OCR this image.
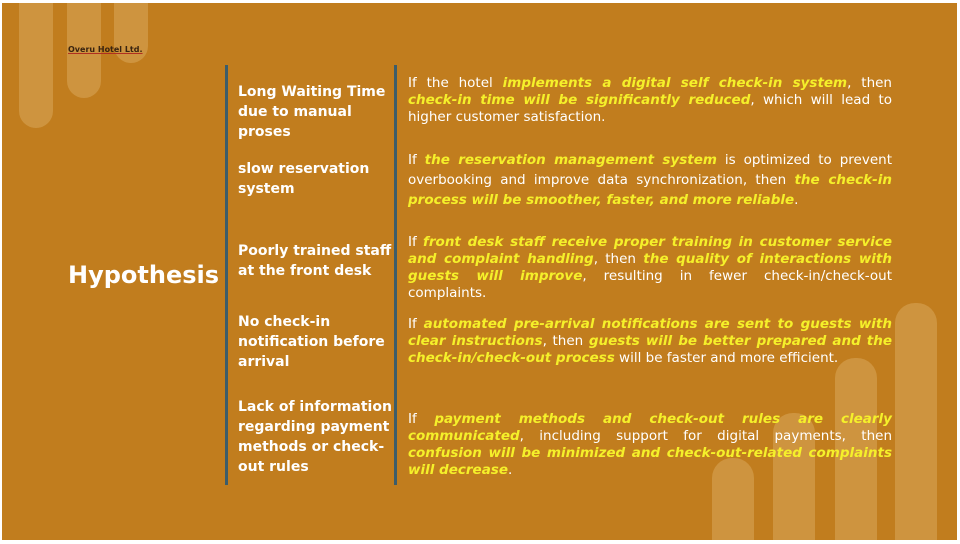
Overu Hotel Ltd.
Hypothesis
Long Waiting Time due to manual proses
If the hotel implements a digital self check-in system, then check-in time will be significantly reduced, which will lead to higher customer satisfaction.
slow reservation system
If the reservation management system is optimized to prevent overbooking and improve data synchronization, then the check-in process will be smoother, faster, and more reliable.
Poorly trained staff at the front desk
If front desk staff receive proper training in customer service and complaint handling, then the quality of interactions with guests will improve, resulting in fewer check-in/check-out complaints.
No check-in notification before arrival
If automated pre-arrival notifications are sent to guests with clear instructions, then guests will be better prepared and the check-in/check-out process will be faster and more efficient.
Lack of information regarding payment methods or check-out rules
If payment methods and check-out rules are clearly communicated, including support for digital payments, then confusion will be minimized and check-out-related complaints will decrease.
